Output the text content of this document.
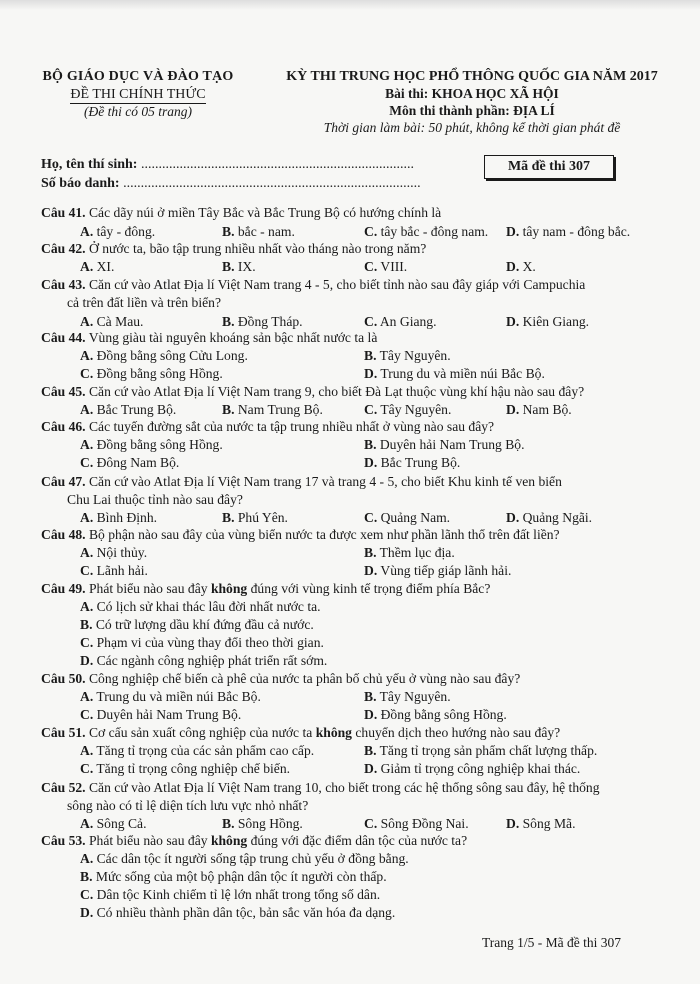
BỘ GIÁO DỤC VÀ ĐÀO TẠO
ĐỀ THI CHÍNH THỨC
(Đề thi có 05 trang)
KỲ THI TRUNG HỌC PHỔ THÔNG QUỐC GIA NĂM 2017
Bài thi: KHOA HỌC XÃ HỘI
Môn thi thành phần: ĐỊA LÍ
Thời gian làm bài: 50 phút, không kể thời gian phát đề
Họ, tên thí sinh: ..............................................................................
Số báo danh: .....................................................................................
Mã đề thi 307
Câu 41. Các dãy núi ở miền Tây Bắc và Bắc Trung Bộ có hướng chính là
A. tây - đông.	B. bắc - nam.	C. tây bắc - đông nam. D. tây nam - đông bắc.
Câu 42. Ở nước ta, bão tập trung nhiều nhất vào tháng nào trong năm?
A. XI.	B. IX.	C. VIII.	D. X.
Câu 43. Căn cứ vào Atlat Địa lí Việt Nam trang 4 - 5, cho biết tỉnh nào sau đây giáp với Campuchia
cả trên đất liền và trên biển?
A. Cà Mau.	B. Đồng Tháp.	C. An Giang.	D. Kiên Giang.
Câu 44. Vùng giàu tài nguyên khoáng sản bậc nhất nước ta là
A. Đồng bằng sông Cửu Long.	B. Tây Nguyên.
C. Đồng bằng sông Hồng.	D. Trung du và miền núi Bắc Bộ.
Câu 45. Căn cứ vào Atlat Địa lí Việt Nam trang 9, cho biết Đà Lạt thuộc vùng khí hậu nào sau đây?
A. Bắc Trung Bộ.	B. Nam Trung Bộ.	C. Tây Nguyên.	D. Nam Bộ.
Câu 46. Các tuyến đường sắt của nước ta tập trung nhiều nhất ở vùng nào sau đây?
A. Đồng bằng sông Hồng.	B. Duyên hải Nam Trung Bộ.
C. Đông Nam Bộ.	D. Bắc Trung Bộ.
Câu 47. Căn cứ vào Atlat Địa lí Việt Nam trang 17 và trang 4 - 5, cho biết Khu kinh tế ven biển
Chu Lai thuộc tỉnh nào sau đây?
A. Bình Định.	B. Phú Yên.	C. Quảng Nam.	D. Quảng Ngãi.
Câu 48. Bộ phận nào sau đây của vùng biển nước ta được xem như phần lãnh thổ trên đất liền?
A. Nội thủy.	B. Thềm lục địa.
C. Lãnh hải.	D. Vùng tiếp giáp lãnh hải.
Câu 49. Phát biểu nào sau đây không đúng với vùng kinh tế trọng điểm phía Bắc?
A. Có lịch sử khai thác lâu đời nhất nước ta.
B. Có trữ lượng dầu khí đứng đầu cả nước.
C. Phạm vi của vùng thay đổi theo thời gian.
D. Các ngành công nghiệp phát triển rất sớm.
Câu 50. Công nghiệp chế biến cà phê của nước ta phân bố chủ yếu ở vùng nào sau đây?
A. Trung du và miền núi Bắc Bộ.	B. Tây Nguyên.
C. Duyên hải Nam Trung Bộ.	D. Đồng bằng sông Hồng.
Câu 51. Cơ cấu sản xuất công nghiệp của nước ta không chuyển dịch theo hướng nào sau đây?
A. Tăng tỉ trọng của các sản phẩm cao cấp.	B. Tăng tỉ trọng sản phẩm chất lượng thấp.
C. Tăng tỉ trọng công nghiệp chế biến.	D. Giảm tỉ trọng công nghiệp khai thác.
Câu 52. Căn cứ vào Atlat Địa lí Việt Nam trang 10, cho biết trong các hệ thống sông sau đây, hệ thống
sông nào có tỉ lệ diện tích lưu vực nhỏ nhất?
A. Sông Cả.	B. Sông Hồng.	C. Sông Đồng Nai.	D. Sông Mã.
Câu 53. Phát biểu nào sau đây không đúng với đặc điểm dân tộc của nước ta?
A. Các dân tộc ít người sống tập trung chủ yếu ở đồng bằng.
B. Mức sống của một bộ phận dân tộc ít người còn thấp.
C. Dân tộc Kinh chiếm tỉ lệ lớn nhất trong tổng số dân.
D. Có nhiều thành phần dân tộc, bản sắc văn hóa đa dạng.
Trang 1/5 - Mã đề thi 307
